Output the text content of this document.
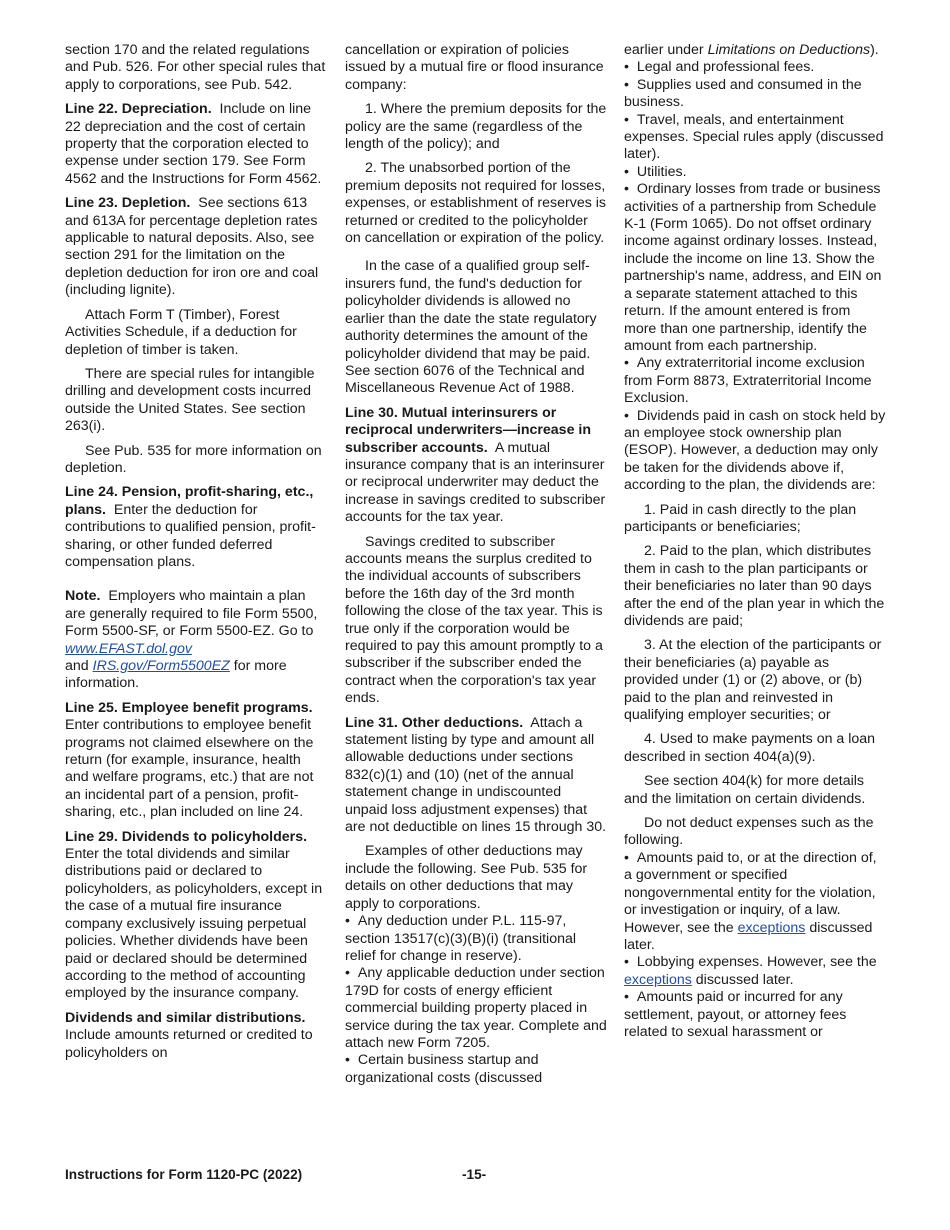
section 170 and the related regulations and Pub. 526. For other special rules that apply to corporations, see Pub. 542.

Line 22. Depreciation. Include on line 22 depreciation and the cost of certain property that the corporation elected to expense under section 179. See Form 4562 and the Instructions for Form 4562.

Line 23. Depletion. See sections 613 and 613A for percentage depletion rates applicable to natural deposits. Also, see section 291 for the limitation on the depletion deduction for iron ore and coal (including lignite).

Attach Form T (Timber), Forest Activities Schedule, if a deduction for depletion of timber is taken.

There are special rules for intangible drilling and development costs incurred outside the United States. See section 263(i).

See Pub. 535 for more information on depletion.

Line 24. Pension, profit-sharing, etc., plans. Enter the deduction for contributions to qualified pension, profit-sharing, or other funded deferred compensation plans.

Note. Employers who maintain a plan are generally required to file Form 5500, Form 5500-SF, or Form 5500-EZ. Go to www.EFAST.dol.gov
and IRS.gov/Form5500EZ for more information.

Line 25. Employee benefit programs.  Enter contributions to employee benefit programs not claimed elsewhere on the return (for example, insurance, health and welfare programs, etc.) that are not an incidental part of a pension, profit-sharing, etc., plan included on line 24.

Line 29. Dividends to policyholders.  Enter the total dividends and similar distributions paid or declared to policyholders, as policyholders, except in the case of a mutual fire insurance company exclusively issuing perpetual policies. Whether dividends have been paid or declared should be determined according to the method of accounting employed by the insurance company.

Dividends and similar distributions.  Include amounts returned or credited to policyholders on

cancellation or expiration of policies issued by a mutual fire or flood insurance company:

1. Where the premium deposits for the policy are the same (regardless of the length of the policy); and

2. The unabsorbed portion of the premium deposits not required for losses, expenses, or establishment of reserves is returned or credited to the policyholder on cancellation or expiration of the policy.

In the case of a qualified group self-insurers fund, the fund's deduction for policyholder dividends is allowed no earlier than the date the state regulatory authority determines the amount of the policyholder dividend that may be paid. See section 6076 of the Technical and Miscellaneous Revenue Act of 1988.

Line 30. Mutual interinsurers or reciprocal underwriters—increase in subscriber accounts. A mutual insurance company that is an interinsurer or reciprocal underwriter may deduct the increase in savings credited to subscriber accounts for the tax year.

Savings credited to subscriber accounts means the surplus credited to the individual accounts of subscribers before the 16th day of the 3rd month following the close of the tax year. This is true only if the corporation would be required to pay this amount promptly to a subscriber if the subscriber ended the contract when the corporation's tax year ends.

Line 31. Other deductions. Attach a statement listing by type and amount all allowable deductions under sections 832(c)(1) and (10) (net of the annual statement change in undiscounted unpaid loss adjustment expenses) that are not deductible on lines 15 through 30.

Examples of other deductions may include the following. See Pub. 535 for details on other deductions that may apply to corporations.

•  Any deduction under P.L. 115-97, section 13517(c)(3)(B)(i) (transitional relief for change in reserve).

•  Any applicable deduction under section 179D for costs of energy efficient commercial building property placed in service during the tax year. Complete and attach new Form 7205.

•  Certain business startup and organizational costs (discussed

earlier under Limitations on Deductions).

•  Legal and professional fees.

•  Supplies used and consumed in the business.

•  Travel, meals, and entertainment expenses. Special rules apply (discussed later).

•  Utilities.

•  Ordinary losses from trade or business activities of a partnership from Schedule K-1 (Form 1065). Do not offset ordinary income against ordinary losses. Instead, include the income on line 13. Show the partnership's name, address, and EIN on a separate statement attached to this return. If the amount entered is from more than one partnership, identify the amount from each partnership.

•  Any extraterritorial income exclusion from Form 8873, Extraterritorial Income Exclusion.

•  Dividends paid in cash on stock held by an employee stock ownership plan (ESOP). However, a deduction may only be taken for the dividends above if, according to the plan, the dividends are:

1. Paid in cash directly to the plan participants or beneficiaries;

2. Paid to the plan, which distributes them in cash to the plan participants or their beneficiaries no later than 90 days after the end of the plan year in which the dividends are paid;

3. At the election of the participants or their beneficiaries (a) payable as provided under (1) or (2) above, or (b) paid to the plan and reinvested in qualifying employer securities; or

4. Used to make payments on a loan described in section 404(a)(9).

See section 404(k) for more details and the limitation on certain dividends.

Do not deduct expenses such as the following.

•  Amounts paid to, or at the direction of, a government or specified nongovernmental entity for the violation, or investigation or inquiry, of a law. However, see the exceptions discussed later.

•  Lobbying expenses. However, see the exceptions discussed later.

•  Amounts paid or incurred for any settlement, payout, or attorney fees related to sexual harassment or

Instructions for Form 1120-PC (2022)	-15-
